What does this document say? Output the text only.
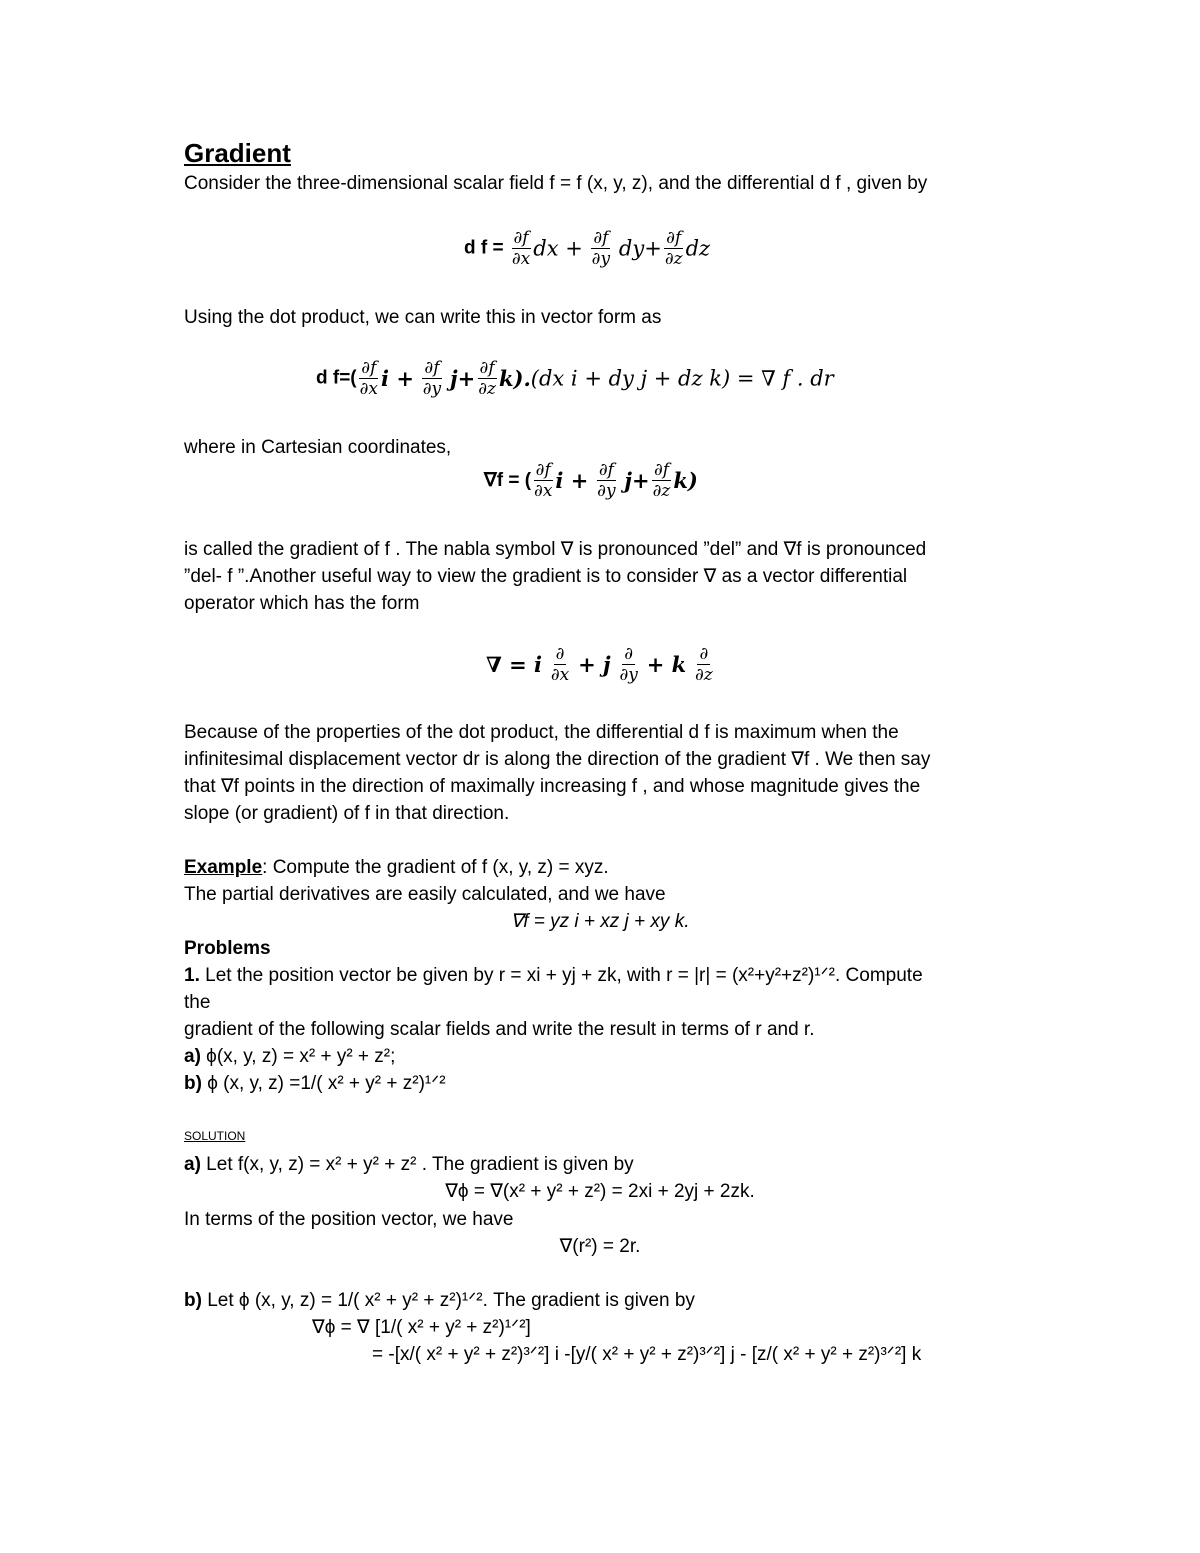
Gradient
Consider the three-dimensional scalar field f = f (x, y, z), and the differential d f , given by
d $f = \frac{\partial f}{\partial x}$ dx + $\frac{\partial f}{\partial y} dy+ \frac{\partial f}{\partial z}$ dz
Using the dot product, we can write this in vector form as
d $f=( \frac{\partial f}{\partial x}$ $i + \frac{\partial f}{\partial y} j+ \frac{\partial f}{\partial z} k).(dx$ i + dy j + dz k) = ∇ f . dr
where in Cartesian coordinates,
∇f = ( $\frac{\partial f}{\partial x}$ $i + \frac{\partial f}{\partial y} j+ \frac{\partial f}{\partial z} k$)
is called the gradient of f . The nabla symbol ∇ is pronounced ”del” and ∇f is pronounced
”del- f ”.Another useful way to view the gradient is to consider ∇ as a vector differential
operator which has the form
∇ = i $\frac{\partial}{\partial x} + j \frac{\partial}{\partial y} + k \frac{\partial}{\partial z}$
Because of the properties of the dot product, the differential d f is maximum when the
infinitesimal displacement vector dr is along the direction of the gradient ∇f . We then say
that ∇f points in the direction of maximally increasing f , and whose magnitude gives the
slope (or gradient) of f in that direction.
Example: Compute the gradient of f (x, y, z) = xyz.
The partial derivatives are easily calculated, and we have
∇f = yz i + xz j + xy k.
Problems
1. Let the position vector be given by r = xi + yj + zk, with r = |r| = (x²+y²+z²)¹ᐟ². Compute
the
gradient of the following scalar fields and write the result in terms of r and r.
a) ϕ(x, y, z) = x² + y² + z²;
b) ϕ (x, y, z) =1/( x² + y² + z²)¹ᐟ²
SOLUTION
a) Let f(x, y, z) = x² + y² + z² . The gradient is given by
∇ϕ = ∇(x² + y² + z²) = 2xi + 2yj + 2zk.
In terms of the position vector, we have
∇(r²) = 2r.
b) Let ϕ (x, y, z) = 1/( x² + y² + z²)¹ᐟ². The gradient is given by
∇ϕ = ∇ [1/( x² + y² + z²)¹ᐟ²]
= -[x/( x² + y² + z²)³ᐟ²] i -[y/( x² + y² + z²)³ᐟ²] j - [z/( x² + y² + z²)³ᐟ²] k
